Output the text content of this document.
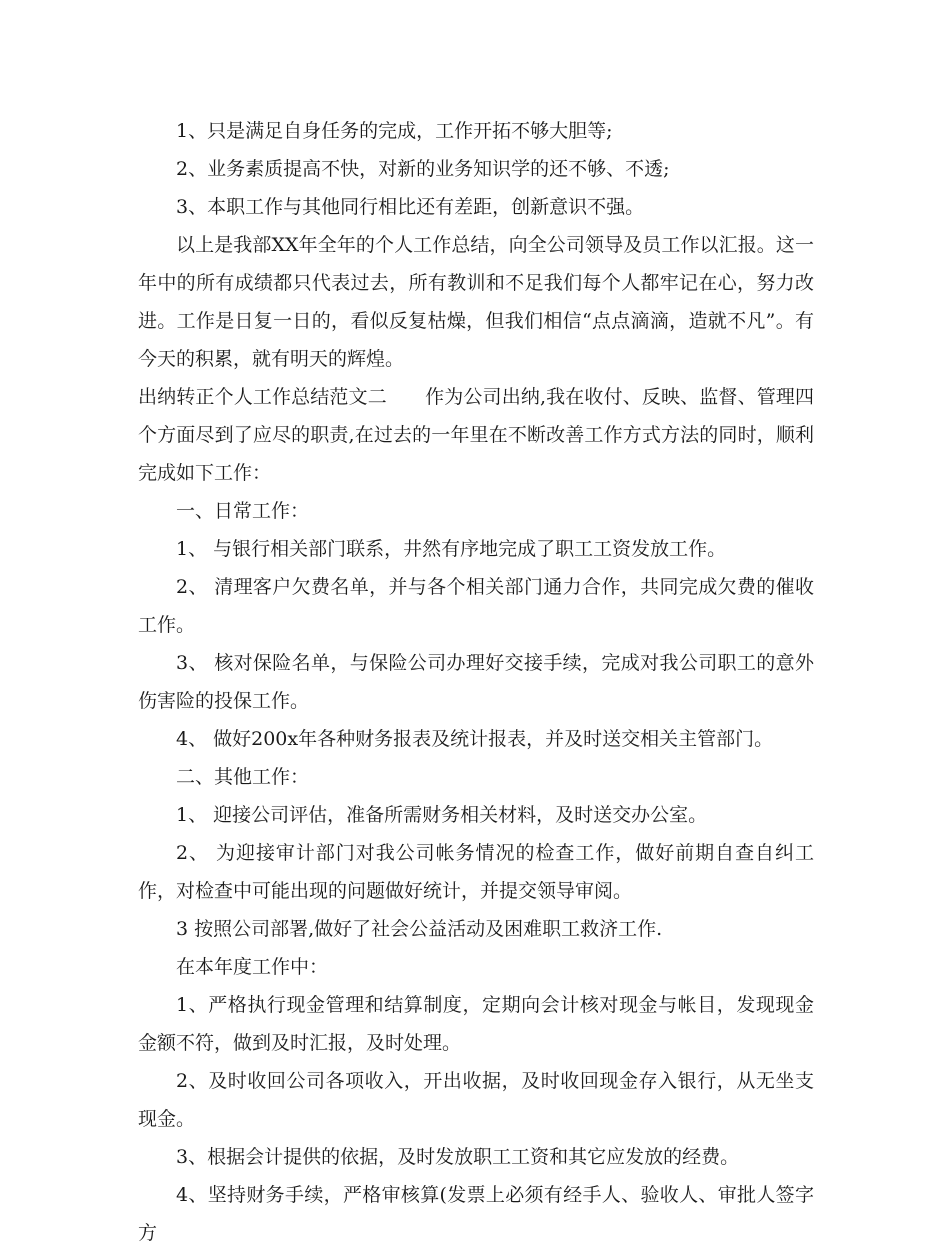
1、只是满足自身任务的完成，工作开拓不够大胆等;

2、业务素质提高不快，对新的业务知识学的还不够、不透;

3、本职工作与其他同行相比还有差距，创新意识不强。

以上是我部XX年全年的个人工作总结，向全公司领导及员工作以汇报。这一年中的所有成绩都只代表过去，所有教训和不足我们每个人都牢记在心，努力改进。工作是日复一日的，看似反复枯燥，但我们相信“点点滴滴，造就不凡”。有今天的积累，就有明天的辉煌。

出纳转正个人工作总结范文二　　作为公司出纳,我在收付、反映、监督、管理四个方面尽到了应尽的职责,在过去的一年里在不断改善工作方式方法的同时，顺利完成如下工作：

一、日常工作：

1、 与银行相关部门联系，井然有序地完成了职工工资发放工作。

2、 清理客户欠费名单，并与各个相关部门通力合作，共同完成欠费的催收工作。

3、 核对保险名单，与保险公司办理好交接手续，完成对我公司职工的意外伤害险的投保工作。

4、 做好200x年各种财务报表及统计报表，并及时送交相关主管部门。

二、其他工作：

1、 迎接公司评估，准备所需财务相关材料，及时送交办公室。

2、 为迎接审计部门对我公司帐务情况的检查工作，做好前期自查自纠工作，对检查中可能出现的问题做好统计，并提交领导审阅。

3 按照公司部署,做好了社会公益活动及困难职工救济工作.

在本年度工作中：

1、严格执行现金管理和结算制度，定期向会计核对现金与帐目，发现现金金额不符，做到及时汇报，及时处理。

2、及时收回公司各项收入，开出收据，及时收回现金存入银行，从无坐支现金。

3、根据会计提供的依据，及时发放职工工资和其它应发放的经费。

4、坚持财务手续，严格审核算(发票上必须有经手人、验收人、审批人签字方
